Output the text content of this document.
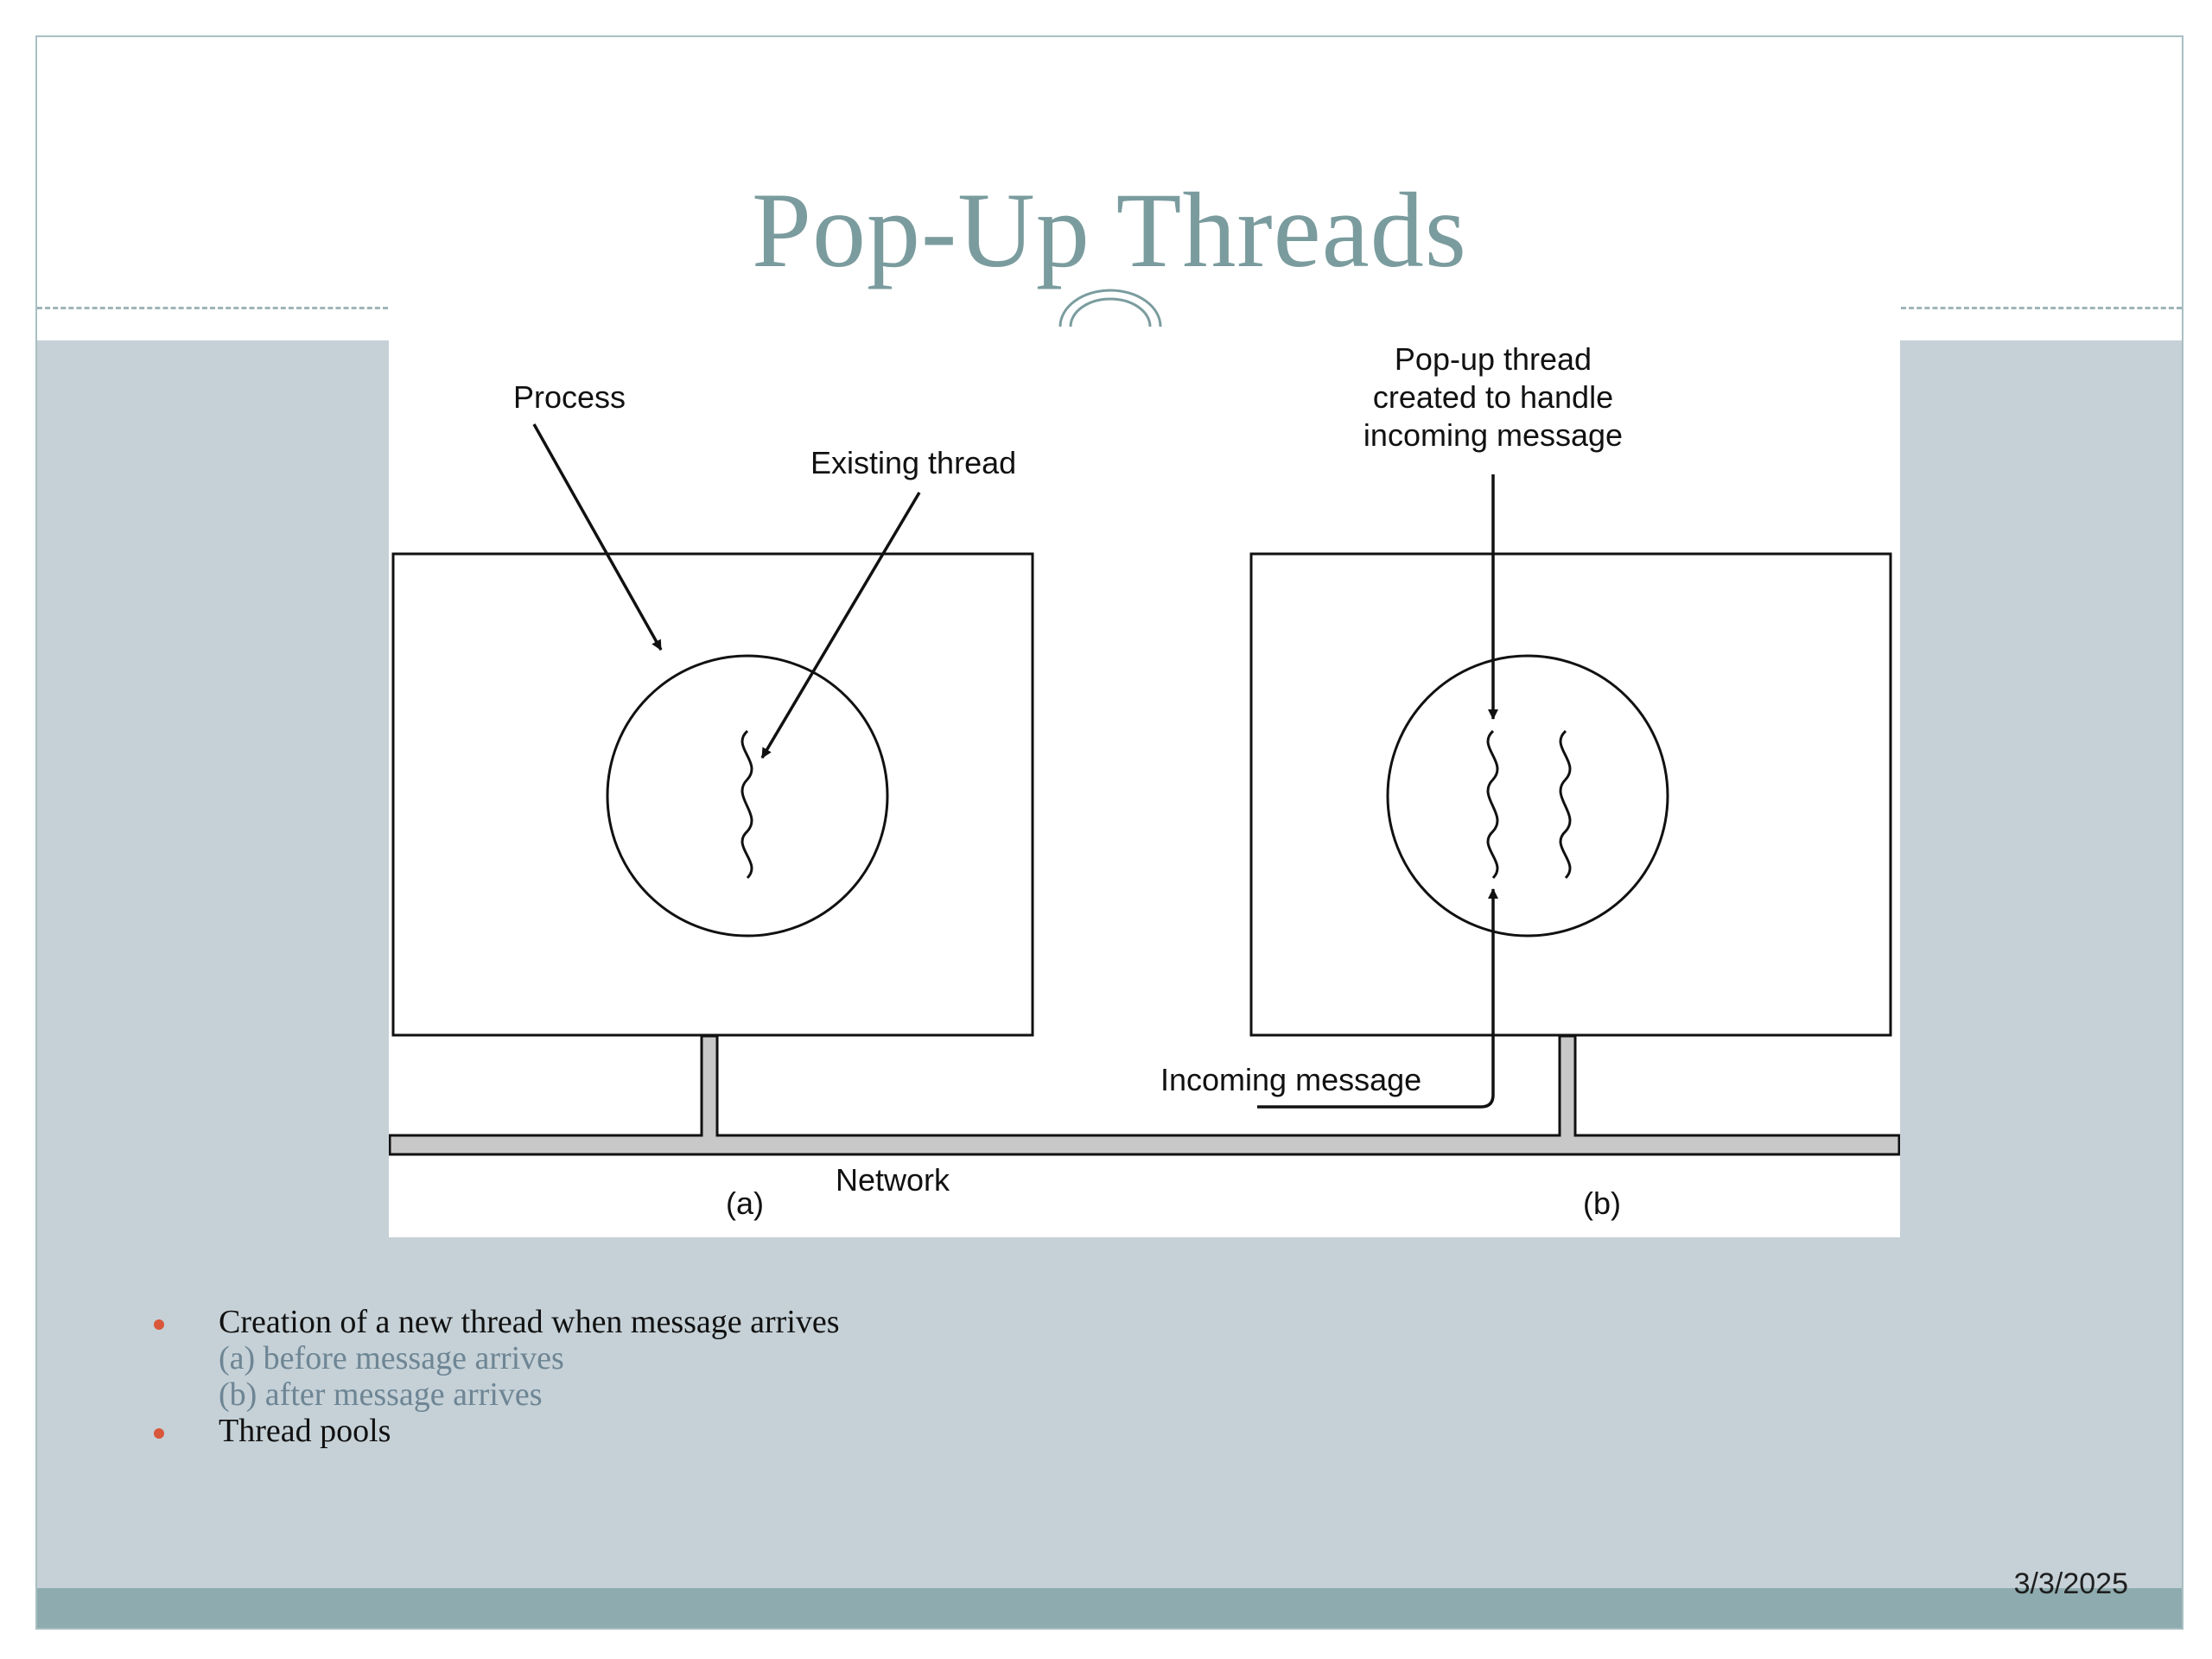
Pop-Up Threads
Process
Existing thread
Pop-up thread
created to handle
incoming message
Incoming message
Network
(a)	(b)
Creation of a new thread when message arrives
(a) before message arrives
(b) after message arrives
Thread pools
3/3/2025
